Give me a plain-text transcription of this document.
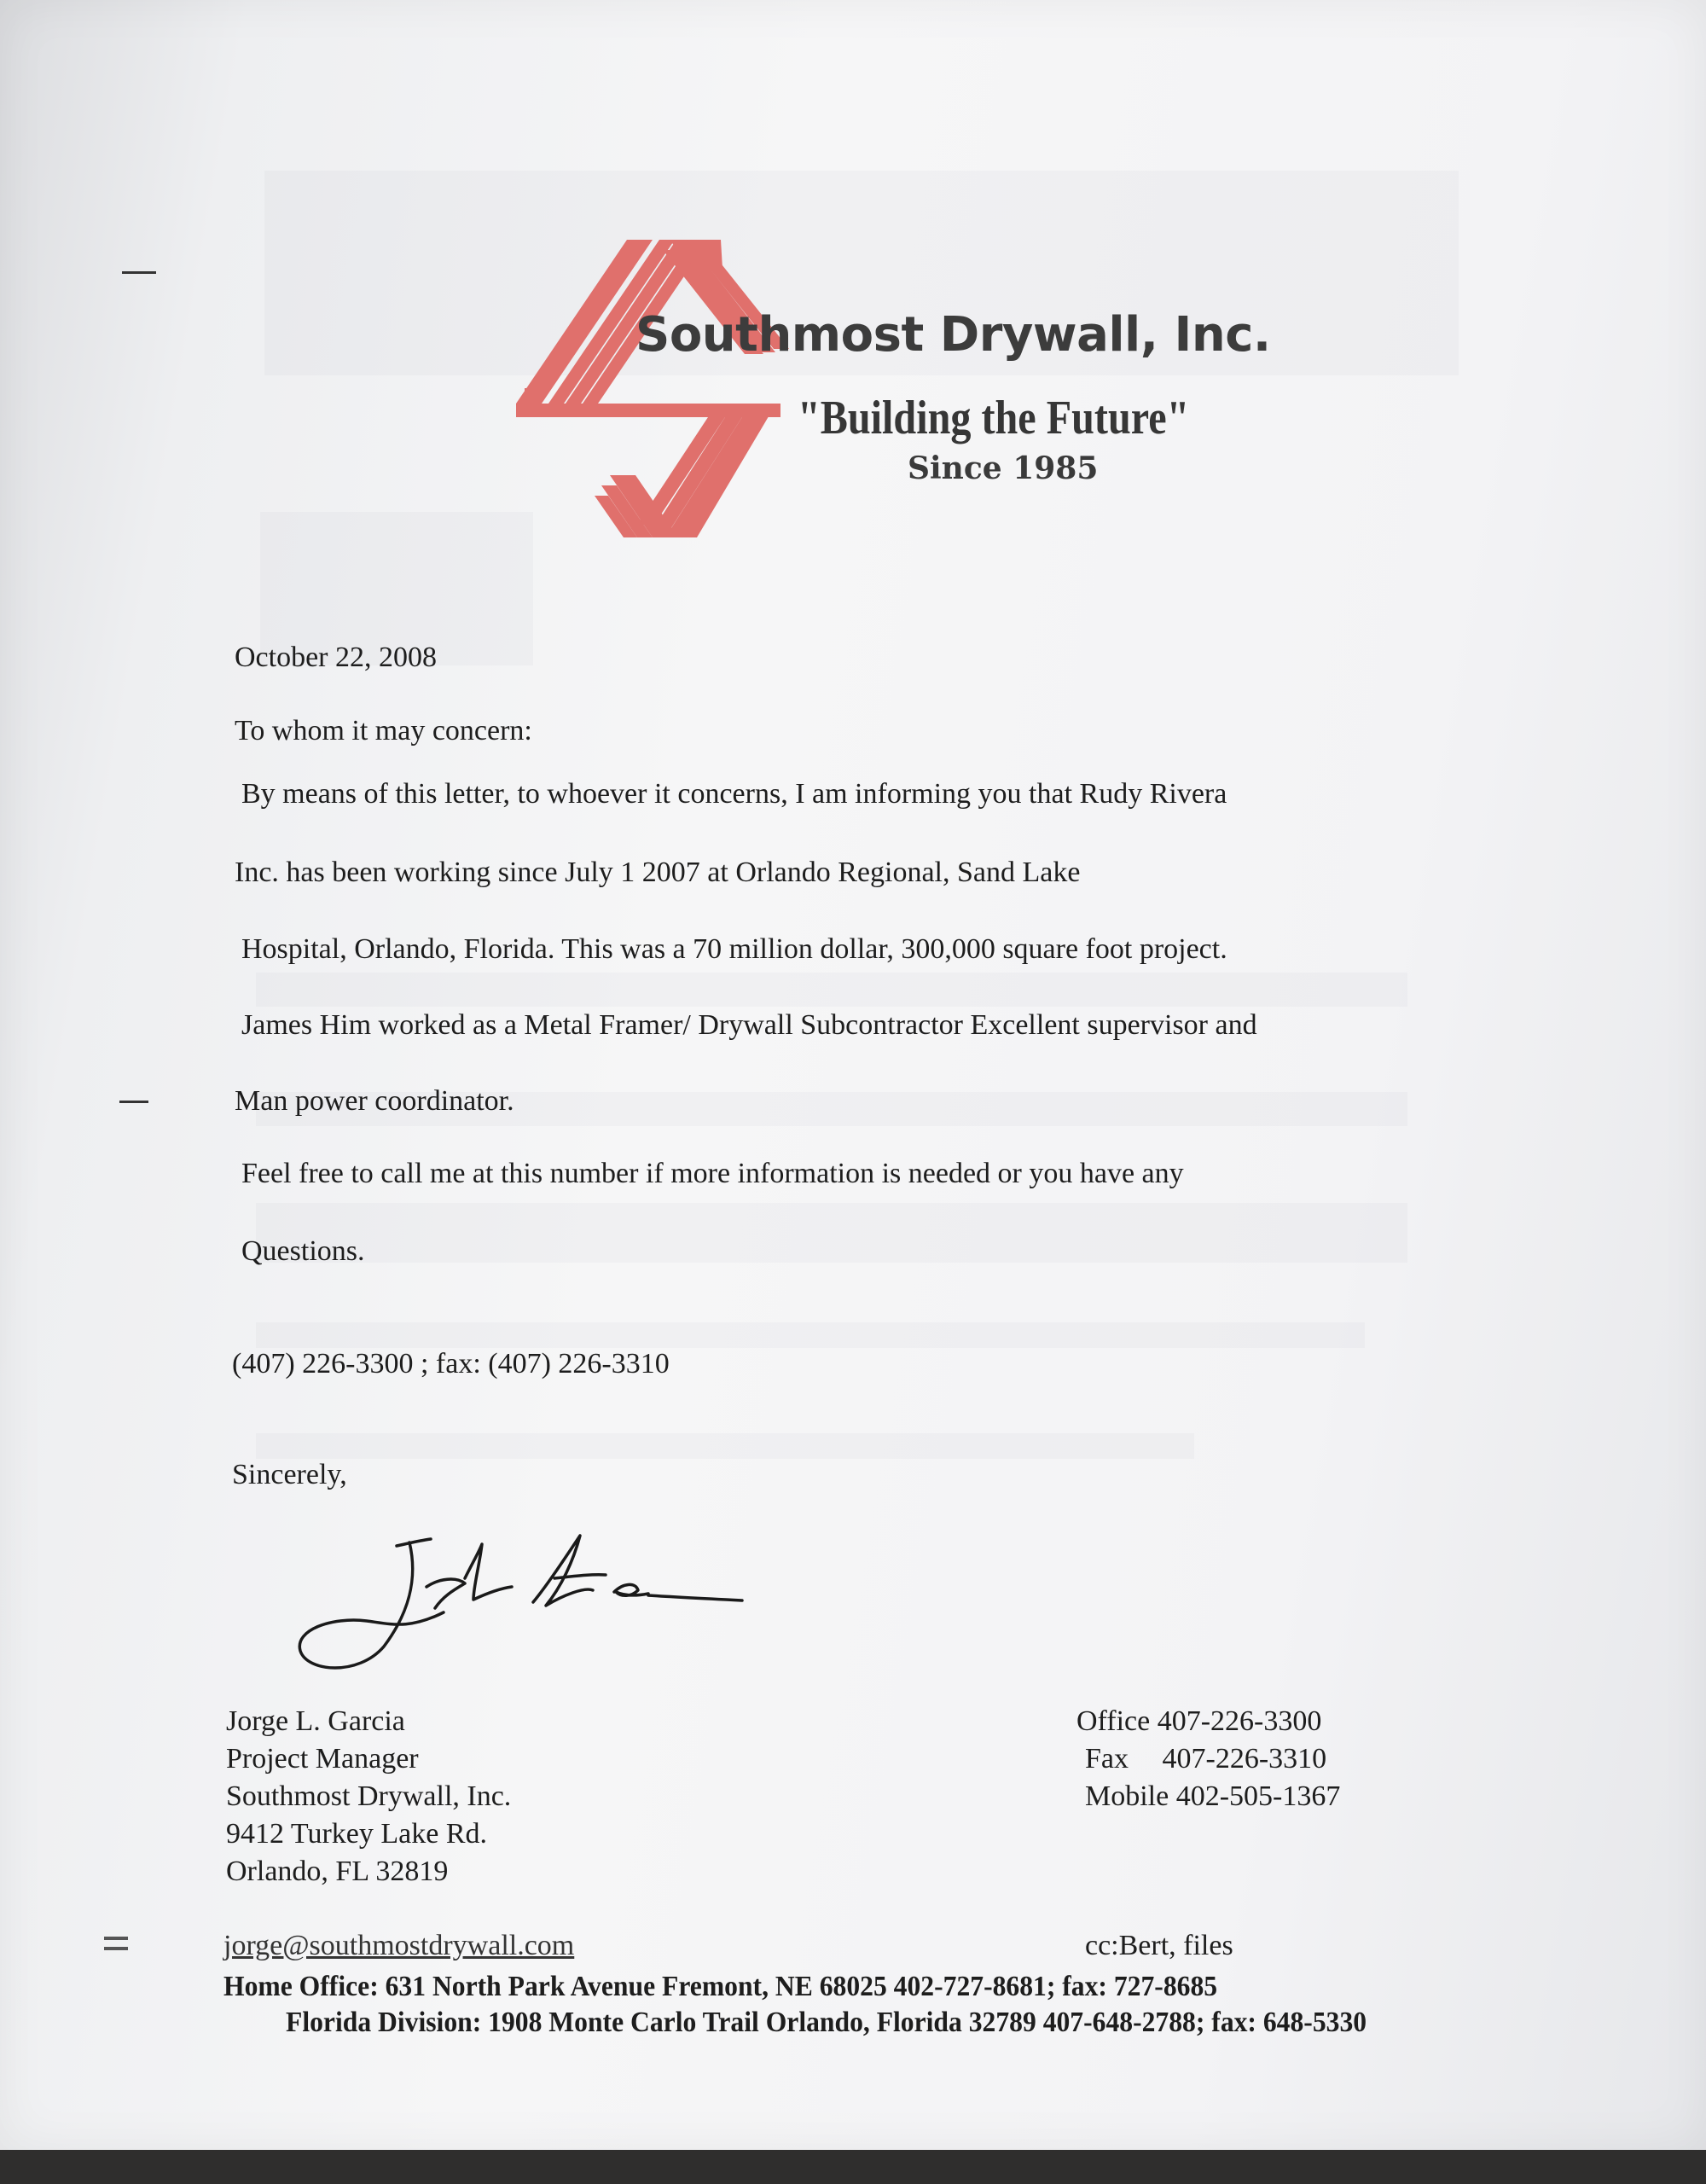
Southmost Drywall, Inc.
"Building the Future"
Since 1985
October 22, 2008
To whom it may concern:
By means of this letter, to whoever it concerns, I am informing you that Rudy Rivera
Inc. has been working since July 1 2007 at Orlando Regional, Sand Lake
Hospital, Orlando, Florida. This was a 70 million dollar, 300,000 square foot project.
James Him worked as a Metal Framer/ Drywall Subcontractor Excellent supervisor and
Man power coordinator.
Feel free to call me at this number if more information is needed or you have any
Questions.
(407) 226-3300 ; fax: (407) 226-3310
Sincerely,
Jorge L. Garcia
Project Manager
Southmost Drywall, Inc.
9412 Turkey Lake Rd.
Orlando, FL 32819
Office 407-226-3300
Fax 407-226-3310
Mobile 402-505-1367
jorge@southmostdrywall.com	cc:Bert, files
Home Office: 631 North Park Avenue Fremont, NE 68025 402-727-8681; fax: 727-8685
Florida Division: 1908 Monte Carlo Trail Orlando, Florida 32789 407-648-2788; fax: 648-5330
